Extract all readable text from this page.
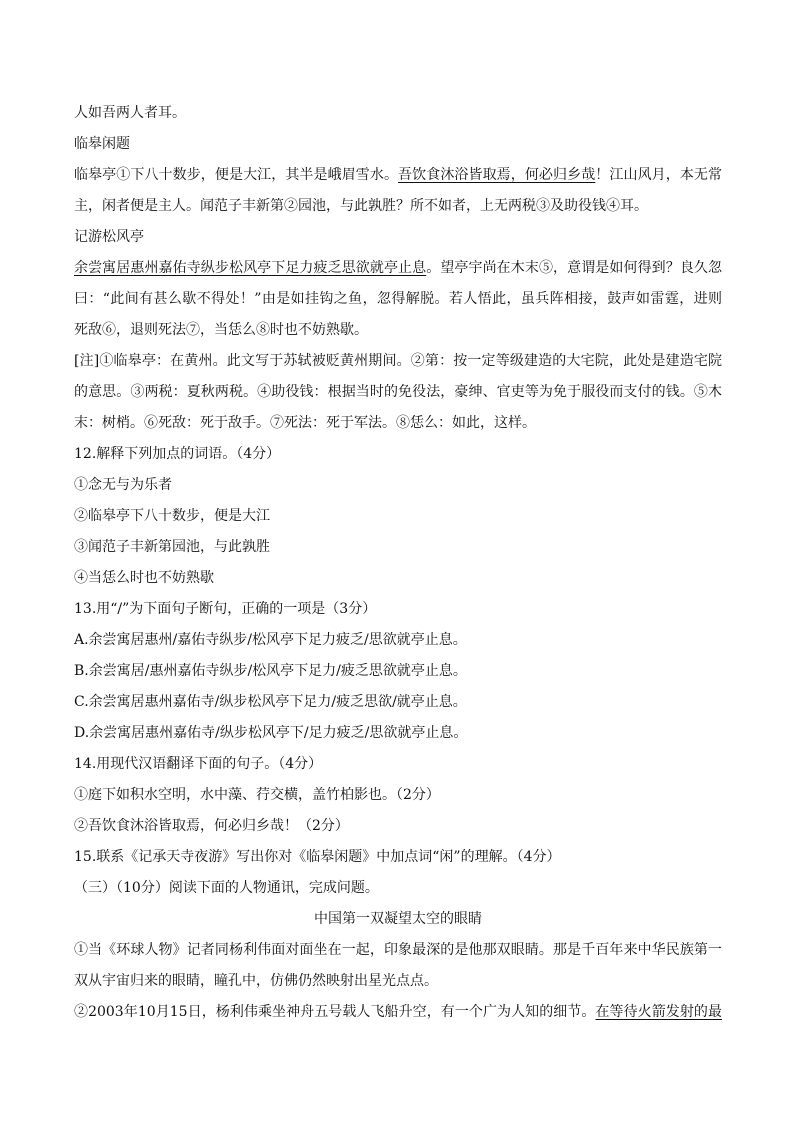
人如吾两人者耳。

临皋闲题

临皋亭①下八十数步，便是大江，其半是峨眉雪水。吾饮食沐浴皆取焉，何必归乡哉！江山风月，本无常

主，闲者便是主人。闻范子丰新第②园池，与此孰胜？所不如者，上无两税③及助役钱④耳。

记游松风亭

余尝寓居惠州嘉佑寺纵步松风亭下足力疲乏思欲就亭止息。望亭宇尚在木末⑤，意谓是如何得到？良久忽

曰：“此间有甚么歇不得处！”由是如挂钩之鱼，忽得解脱。若人悟此，虽兵阵相接，鼓声如雷霆，进则

死敌⑥，退则死法⑦，当恁么⑧时也不妨熟歇。

[注]①临皋亭：在黄州。此文写于苏轼被贬黄州期间。②第：按一定等级建造的大宅院，此处是建造宅院

的意思。③两税：夏秋两税。④助役钱：根据当时的免役法，豪绅、官吏等为免于服役而支付的钱。⑤木

末：树梢。⑥死敌：死于敌手。⑦死法：死于军法。⑧恁么：如此，这样。

12.解释下列加点的词语。（4分）

①念无与为乐者

②临皋亭下八十数步，便是大江

③闻范子丰新第园池，与此孰胜

④当恁么时也不妨熟歇

13.用“/”为下面句子断句，正确的一项是（3分）

A.余尝寓居惠州/嘉佑寺纵步/松风亭下足力疲乏/思欲就亭止息。

B.余尝寓居/惠州嘉佑寺纵步/松风亭下足力/疲乏思欲就亭止息。

C.余尝寓居惠州嘉佑寺/纵步松风亭下足力/疲乏思欲/就亭止息。

D.余尝寓居惠州嘉佑寺/纵步松风亭下/足力疲乏/思欲就亭止息。

14.用现代汉语翻译下面的句子。（4分）

①庭下如积水空明，水中藻、荇交横，盖竹柏影也。（2分）

②吾饮食沐浴皆取焉，何必归乡哉！（2分）

15.联系《记承天寺夜游》写出你对《临皋闲题》中加点词“闲”的理解。（4分）

（三）（10分）阅读下面的人物通讯，完成问题。

中国第一双凝望太空的眼睛

①当《环球人物》记者同杨利伟面对面坐在一起，印象最深的是他那双眼睛。那是千百年来中华民族第一

双从宇宙归来的眼睛，瞳孔中，仿佛仍然映射出星光点点。

②2003年10月15日，杨利伟乘坐神舟五号载人飞船升空，有一个广为人知的细节。在等待火箭发射的最
